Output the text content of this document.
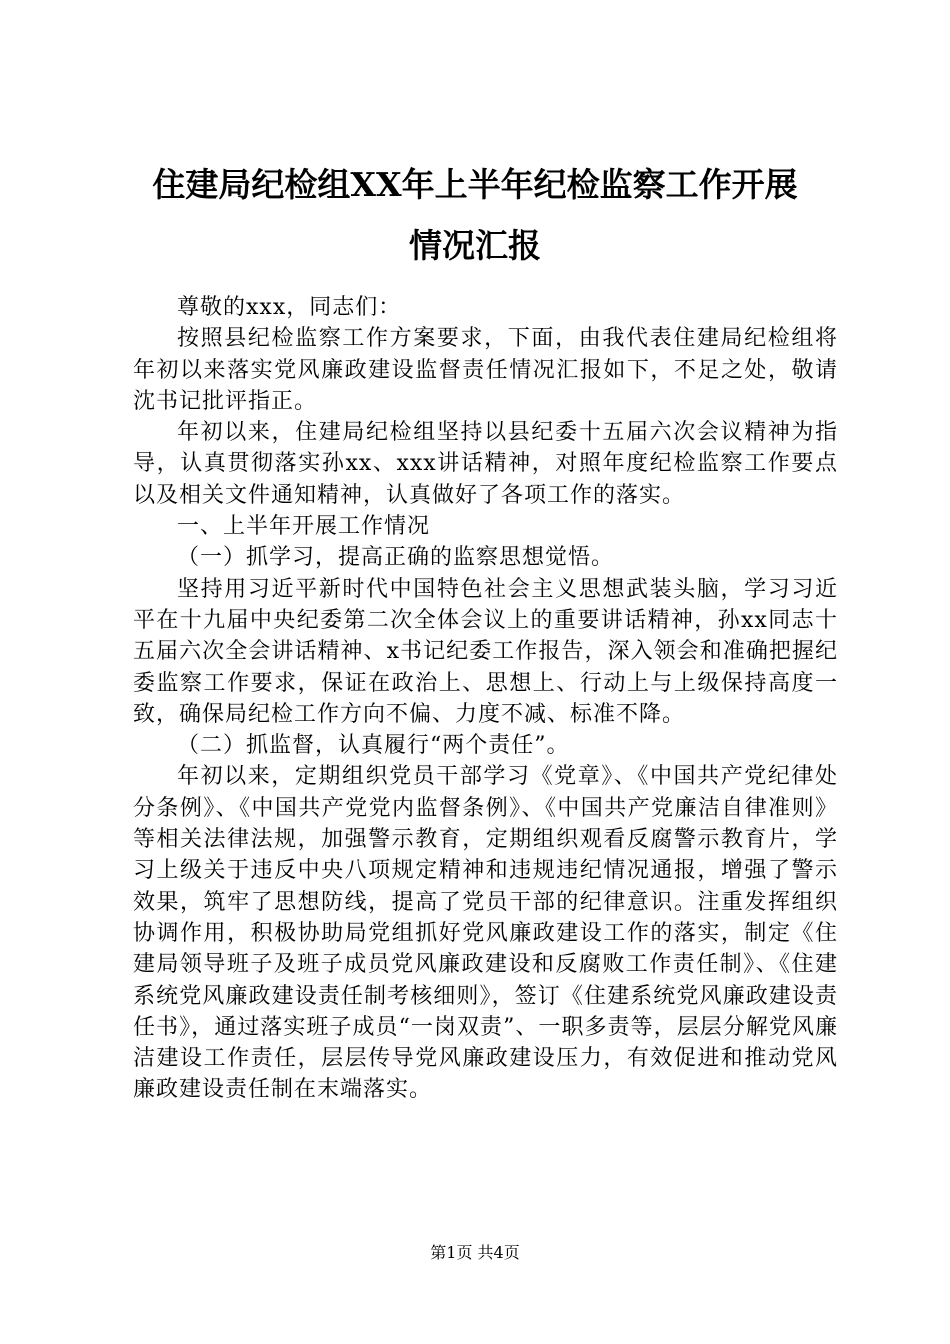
住建局纪检组XX年上半年纪检监察工作开展
情况汇报

尊敬的xxx，同志们：

按照县纪检监察工作方案要求，下面，由我代表住建局纪检组将年初以来落实党风廉政建设监督责任情况汇报如下，不足之处，敬请沈书记批评指正。

年初以来，住建局纪检组坚持以县纪委十五届六次会议精神为指导，认真贯彻落实孙xx、xxx讲话精神，对照年度纪检监察工作要点以及相关文件通知精神，认真做好了各项工作的落实。

一、上半年开展工作情况

（一）抓学习，提高正确的监察思想觉悟。

坚持用习近平新时代中国特色社会主义思想武装头脑，学习习近平在十九届中央纪委第二次全体会议上的重要讲话精神，孙xx同志十五届六次全会讲话精神、x书记纪委工作报告，深入领会和准确把握纪委监察工作要求，保证在政治上、思想上、行动上与上级保持高度一致，确保局纪检工作方向不偏、力度不减、标准不降。

（二）抓监督，认真履行“两个责任”。

年初以来，定期组织党员干部学习《党章》、《中国共产党纪律处分条例》、《中国共产党党内监督条例》、《中国共产党廉洁自律准则》等相关法律法规，加强警示教育，定期组织观看反腐警示教育片，学习上级关于违反中央八项规定精神和违规违纪情况通报，增强了警示效果，筑牢了思想防线，提高了党员干部的纪律意识。注重发挥组织协调作用，积极协助局党组抓好党风廉政建设工作的落实，制定《住建局领导班子及班子成员党风廉政建设和反腐败工作责任制》、《住建系统党风廉政建设责任制考核细则》，签订《住建系统党风廉政建设责任书》，通过落实班子成员“一岗双责”、一职多责等，层层分解党风廉洁建设工作责任，层层传导党风廉政建设压力，有效促进和推动党风廉政建设责任制在末端落实。

第1页 共4页
